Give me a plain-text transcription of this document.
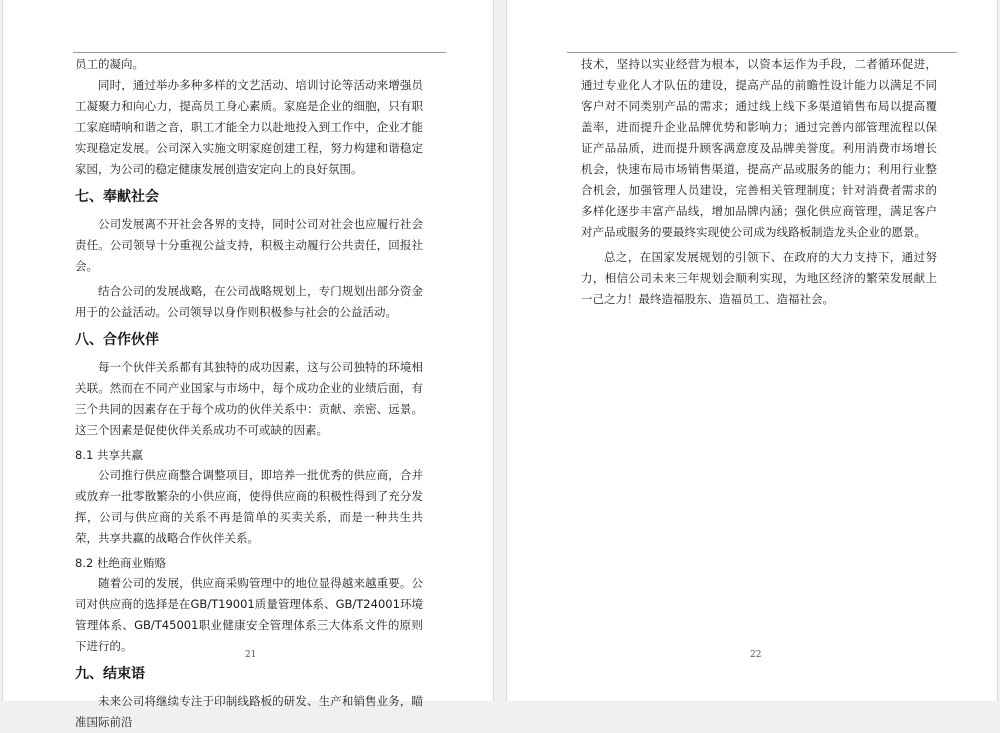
员工的凝向。

同时，通过举办多种多样的文艺活动、培训讨论等活动来增强员工凝聚力和向心力，提高员工身心素质。家庭是企业的细胞，只有职工家庭晴响和谐之音，职工才能全力以赴地投入到工作中，企业才能实现稳定发展。公司深入实施文明家庭创建工程，努力构建和谐稳定家园，为公司的稳定健康发展创造安定向上的良好氛围。

七、奉献社会

公司发展离不开社会各界的支持，同时公司对社会也应履行社会责任。公司领导十分重视公益支持，积极主动履行公共责任，回报社会。

结合公司的发展战略，在公司战略规划上，专门规划出部分资金用于的公益活动。公司领导以身作则积极参与社会的公益活动。

八、合作伙伴

每一个伙伴关系都有其独特的成功因素，这与公司独特的环境相关联。然而在不同产业国家与市场中，每个成功企业的业绩后面，有三个共同的因素存在于每个成功的伙伴关系中：贡献、亲密、远景。这三个因素是促使伙伴关系成功不可或缺的因素。

8.1 共享共赢

公司推行供应商整合调整项目，即培养一批优秀的供应商，合并或放弃一批零散繁杂的小供应商，使得供应商的积极性得到了充分发挥，公司与供应商的关系不再是简单的买卖关系，而是一种共生共荣，共享共赢的战略合作伙伴关系。

8.2 杜绝商业贿赂

随着公司的发展，供应商采购管理中的地位显得越来越重要。公司对供应商的选择是在GB/T19001质量管理体系、GB/T24001环境管理体系、GB/T45001职业健康安全管理体系三大体系文件的原则下进行的。

九、结束语

未来公司将继续专注于印制线路板的研发、生产和销售业务，瞄准国际前沿

21

技术，坚持以实业经营为根本，以资本运作为手段，二者循环促进，通过专业化人才队伍的建设，提高产品的前瞻性设计能力以满足不同客户对不同类别产品的需求；通过线上线下多渠道销售布局以提高覆盖率，进而提升企业品牌优势和影响力；通过完善内部管理流程以保证产品品质，进而提升顾客满意度及品牌美誉度。利用消费市场增长机会，快速布局市场销售渠道，提高产品或服务的能力；利用行业整合机会，加强管理人员建设，完善相关管理制度；针对消费者需求的多样化逐步丰富产品线，增加品牌内涵；强化供应商管理，满足客户对产品或服务的要最终实现使公司成为线路板制造龙头企业的愿景。

总之，在国家发展规划的引领下、在政府的大力支持下，通过努力，相信公司未来三年规划会顺利实现，为地区经济的繁荣发展献上一己之力！最终造福股东、造福员工、造福社会。

22
